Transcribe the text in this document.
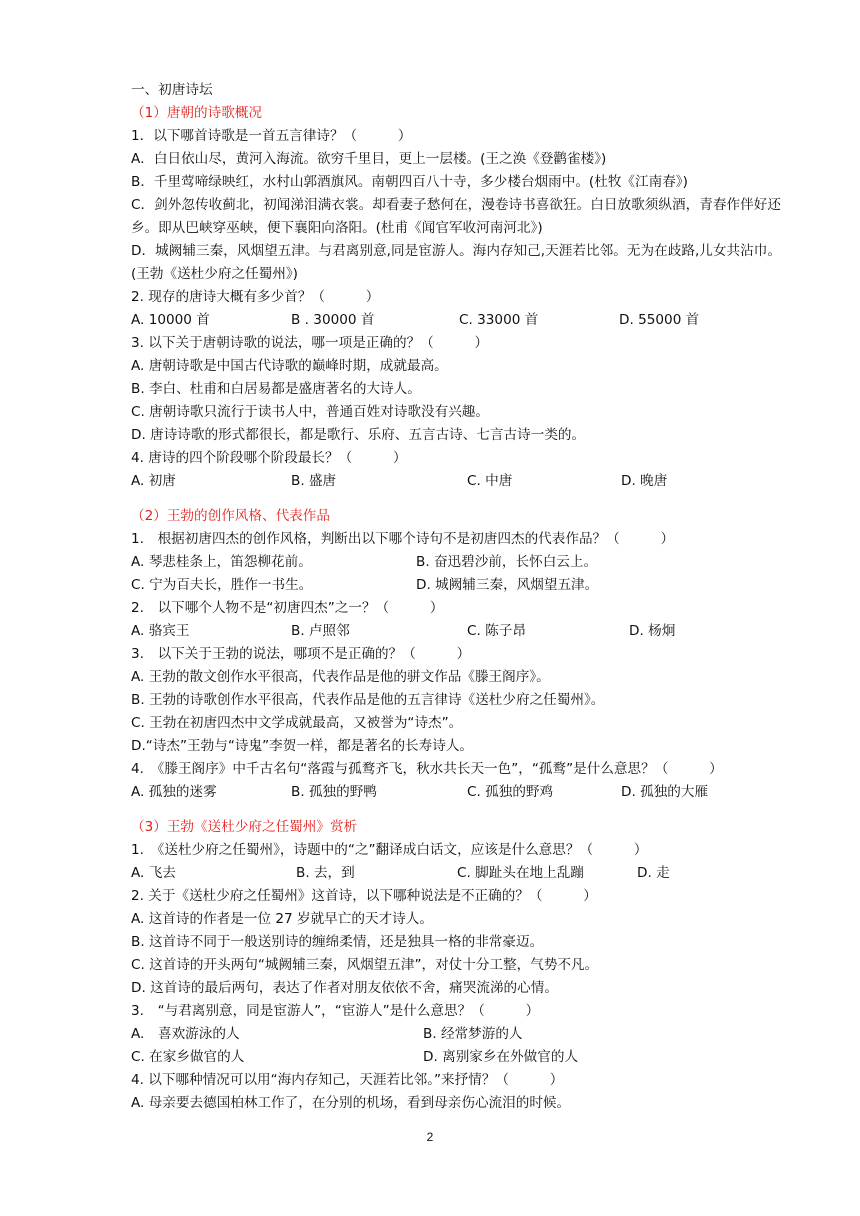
一、初唐诗坛
（1）唐朝的诗歌概况
1．以下哪首诗歌是一首五言律诗？（　　　）
A．白日依山尽，黄河入海流。欲穷千里目，更上一层楼。(王之涣《登鹳雀楼》)
B．千里莺啼绿映红，水村山郭酒旗风。南朝四百八十寺，多少楼台烟雨中。(杜牧《江南春》)
C．剑外忽传收蓟北，初闻涕泪满衣裳。却看妻子愁何在，漫卷诗书喜欲狂。白日放歌须纵酒，青春作伴好还乡。即从巴峡穿巫峡，便下襄阳向洛阳。(杜甫《闻官军收河南河北》)
D．城阙辅三秦，风烟望五津。与君离别意,同是宦游人。海内存知己,天涯若比邻。无为在歧路,儿女共沾巾。(王勃《送杜少府之任蜀州》)
2. 现存的唐诗大概有多少首？（　　　）
A. 10000 首	B . 30000 首	C. 33000 首	D. 55000 首
3. 以下关于唐朝诗歌的说法，哪一项是正确的？（　　　）
A. 唐朝诗歌是中国古代诗歌的巅峰时期，成就最高。
B. 李白、杜甫和白居易都是盛唐著名的大诗人。
C. 唐朝诗歌只流行于读书人中，普通百姓对诗歌没有兴趣。
D. 唐诗诗歌的形式都很长，都是歌行、乐府、五言古诗、七言古诗一类的。
4. 唐诗的四个阶段哪个阶段最长？（　　　）
A. 初唐	B. 盛唐	C. 中唐	D. 晚唐
（2）王勃的创作风格、代表作品
1.　根据初唐四杰的创作风格，判断出以下哪个诗句不是初唐四杰的代表作品？（　　　）
A. 琴悲桂条上，笛怨柳花前。	B. 奋迅碧沙前，长怀白云上。
C. 宁为百夫长，胜作一书生。	D. 城阙辅三秦，风烟望五津。
2.　以下哪个人物不是“初唐四杰”之一？（　　　）
A. 骆宾王	B. 卢照邻	C. 陈子昂	D. 杨炯
3.　以下关于王勃的说法，哪项不是正确的？（　　　）
A. 王勃的散文创作水平很高，代表作品是他的骈文作品《滕王阁序》。
B. 王勃的诗歌创作水平很高，代表作品是他的五言律诗《送杜少府之任蜀州》。
C. 王勃在初唐四杰中文学成就最高，又被誉为“诗杰”。
D.“诗杰”王勃与“诗鬼”李贺一样，都是著名的长寿诗人。
4.　《滕王阁序》中千古名句“落霞与孤鹜齐飞，秋水共长天一色”，“孤鹜”是什么意思？（　　　）
A. 孤独的迷雾	B. 孤独的野鸭	C. 孤独的野鸡	D. 孤独的大雁
（3）王勃《送杜少府之任蜀州》赏析
1.　《送杜少府之任蜀州》，诗题中的“之”翻译成白话文，应该是什么意思？（　　　）
A. 飞去	B. 去，到	C. 脚趾头在地上乱蹦	D. 走
2. 关于《送杜少府之任蜀州》这首诗，以下哪种说法是不正确的？（　　　）
A. 这首诗的作者是一位 27 岁就早亡的天才诗人。
B. 这首诗不同于一般送别诗的缠绵柔情，还是独具一格的非常豪迈。
C. 这首诗的开头两句“城阙辅三秦，风烟望五津”，对仗十分工整，气势不凡。
D. 这首诗的最后两句，表达了作者对朋友依依不舍，痛哭流涕的心情。
3.　“与君离别意，同是宦游人”，“宦游人”是什么意思？（　　　）
A.　喜欢游泳的人	B. 经常梦游的人
C. 在家乡做官的人	D. 离别家乡在外做官的人
4. 以下哪种情况可以用“海内存知己，天涯若比邻。”来抒情？（　　　）
A. 母亲要去德国柏林工作了，在分别的机场，看到母亲伤心流泪的时候。
2
